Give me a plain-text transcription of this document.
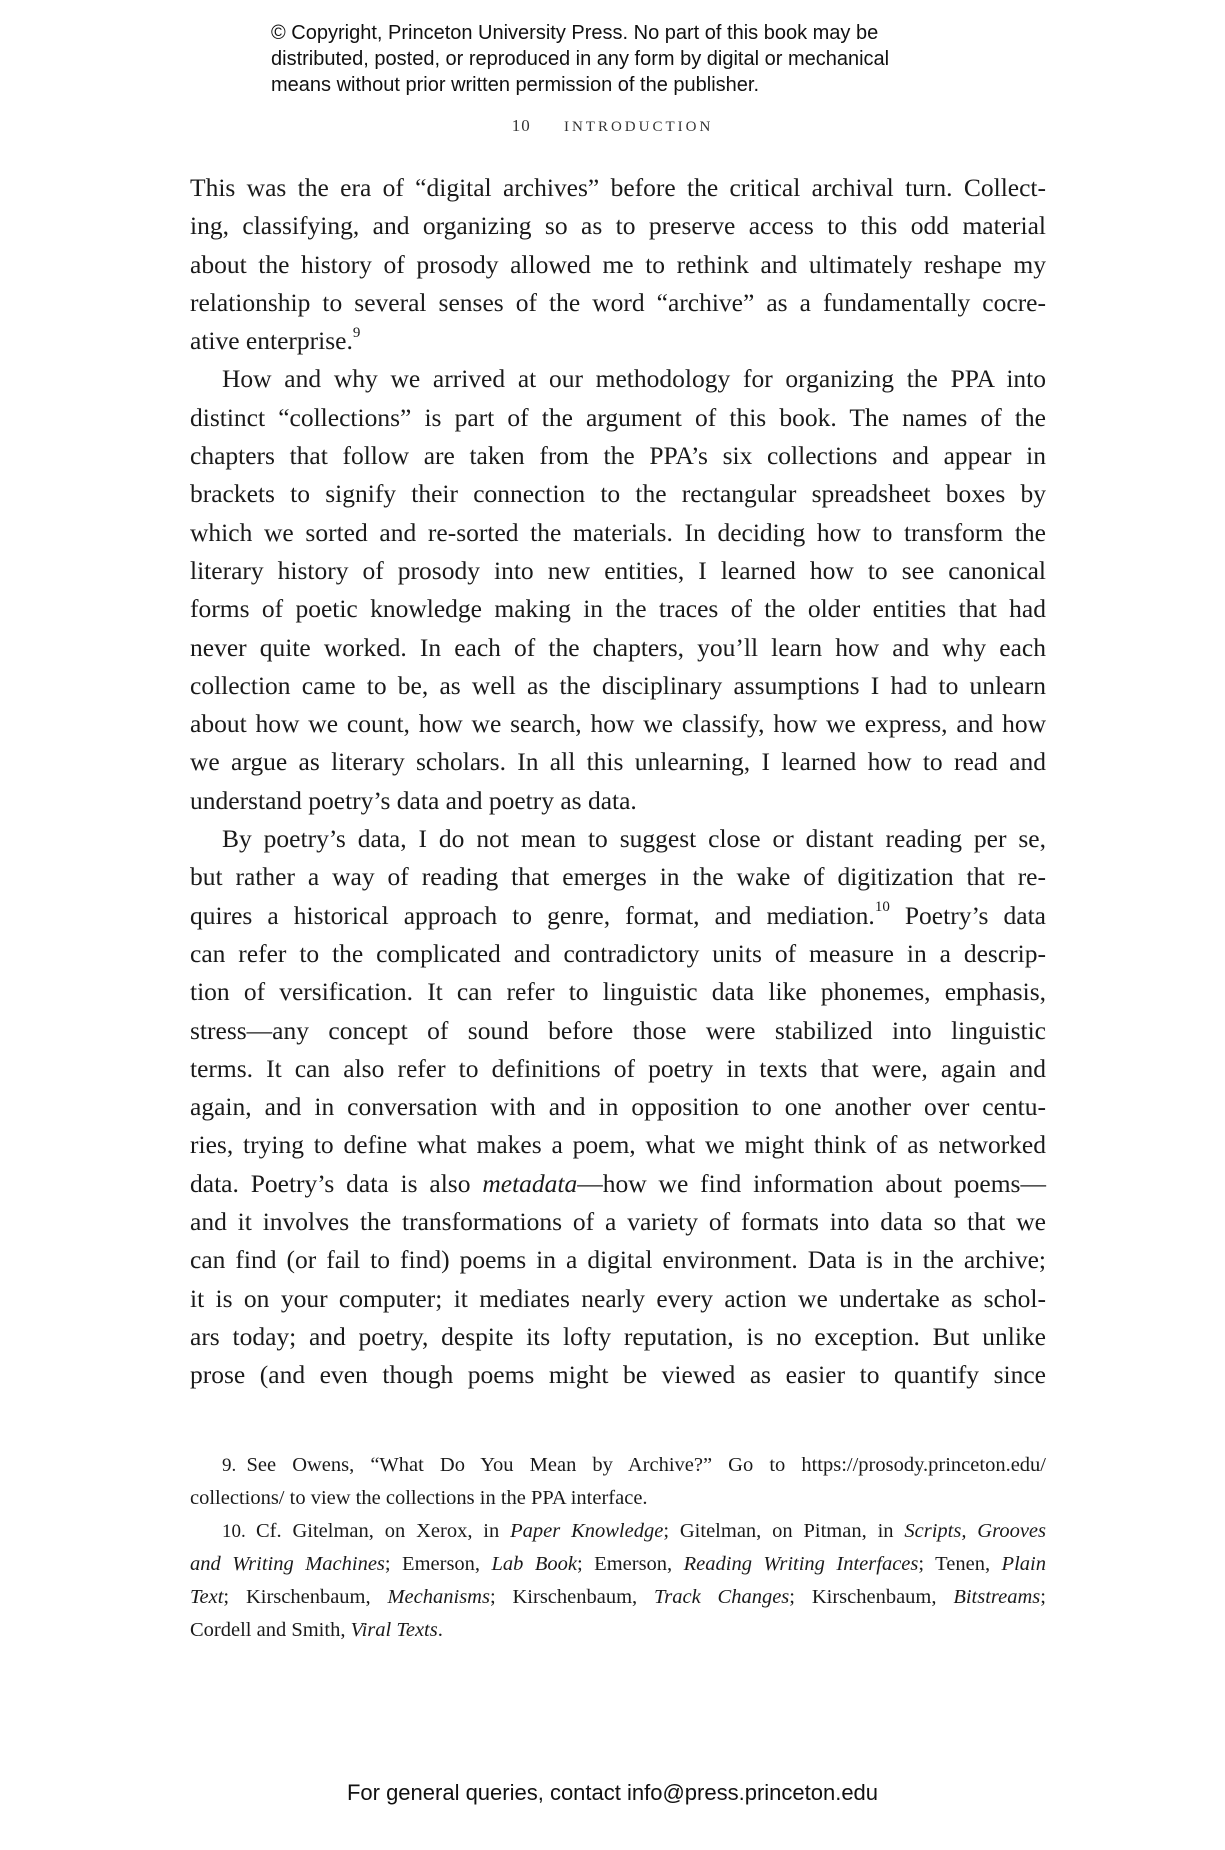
© Copyright, Princeton University Press. No part of this book may be
distributed, posted, or reproduced in any form by digital or mechanical
means without prior written permission of the publisher.
10 introduction
This was the era of “digital archives” before the critical archival turn. Collect-
ing, classifying, and organizing so as to preserve access to this odd material
about the history of prosody allowed me to rethink and ultimately reshape my
relationship to several senses of the word “archive” as a fundamentally cocre-
ative enterprise.$^9$
How and why we arrived at our methodology for organizing the PPA into
distinct “collections” is part of the argument of this book. The names of the
chapters that follow are taken from the PPA’s six collections and appear in
brackets to signify their connection to the rectangular spreadsheet boxes by
which we sorted and re-sorted the materials. In deciding how to transform the
literary history of prosody into new entities, I learned how to see canonical
forms of poetic knowledge making in the traces of the older entities that had
never quite worked. In each of the chapters, you’ll learn how and why each
collection came to be, as well as the disciplinary assumptions I had to unlearn
about how we count, how we search, how we classify, how we express, and how
we argue as literary scholars. In all this unlearning, I learned how to read and
understand poetry’s data and poetry as data.
By poetry’s data, I do not mean to suggest close or distant reading per se,
but rather a way of reading that emerges in the wake of digitization that re-
quires a historical approach to genre, format, and mediation.$^{10}$ Poetry’s data
can refer to the complicated and contradictory units of measure in a descrip-
tion of versification. It can refer to linguistic data like phonemes, emphasis,
stress—any concept of sound before those were stabilized into linguistic
terms. It can also refer to definitions of poetry in texts that were, again and
again, and in conversation with and in opposition to one another over centu-
ries, trying to define what makes a poem, what we might think of as networked
data. Poetry’s data is also metadata—how we find information about poems—
and it involves the transformations of a variety of formats into data so that we
can find (or fail to find) poems in a digital environment. Data is in the archive;
it is on your computer; it mediates nearly every action we undertake as schol-
ars today; and poetry, despite its lofty reputation, is no exception. But unlike
prose (and even though poems might be viewed as easier to quantify since
9.  See Owens, “What Do You Mean by Archive?” Go to https://prosody.princeton.edu/
collections/ to view the collections in the PPA interface.
10.  Cf. Gitelman, on Xerox, in Paper Knowledge; Gitelman, on Pitman, in Scripts, Grooves
and Writing Machines; Emerson, Lab Book; Emerson, Reading Writing Interfaces; Tenen, Plain
Text; Kirschenbaum, Mechanisms; Kirschenbaum, Track Changes; Kirschenbaum, Bitstreams;
Cordell and Smith, Viral Texts.
For general queries, contact info@press.princeton.edu
